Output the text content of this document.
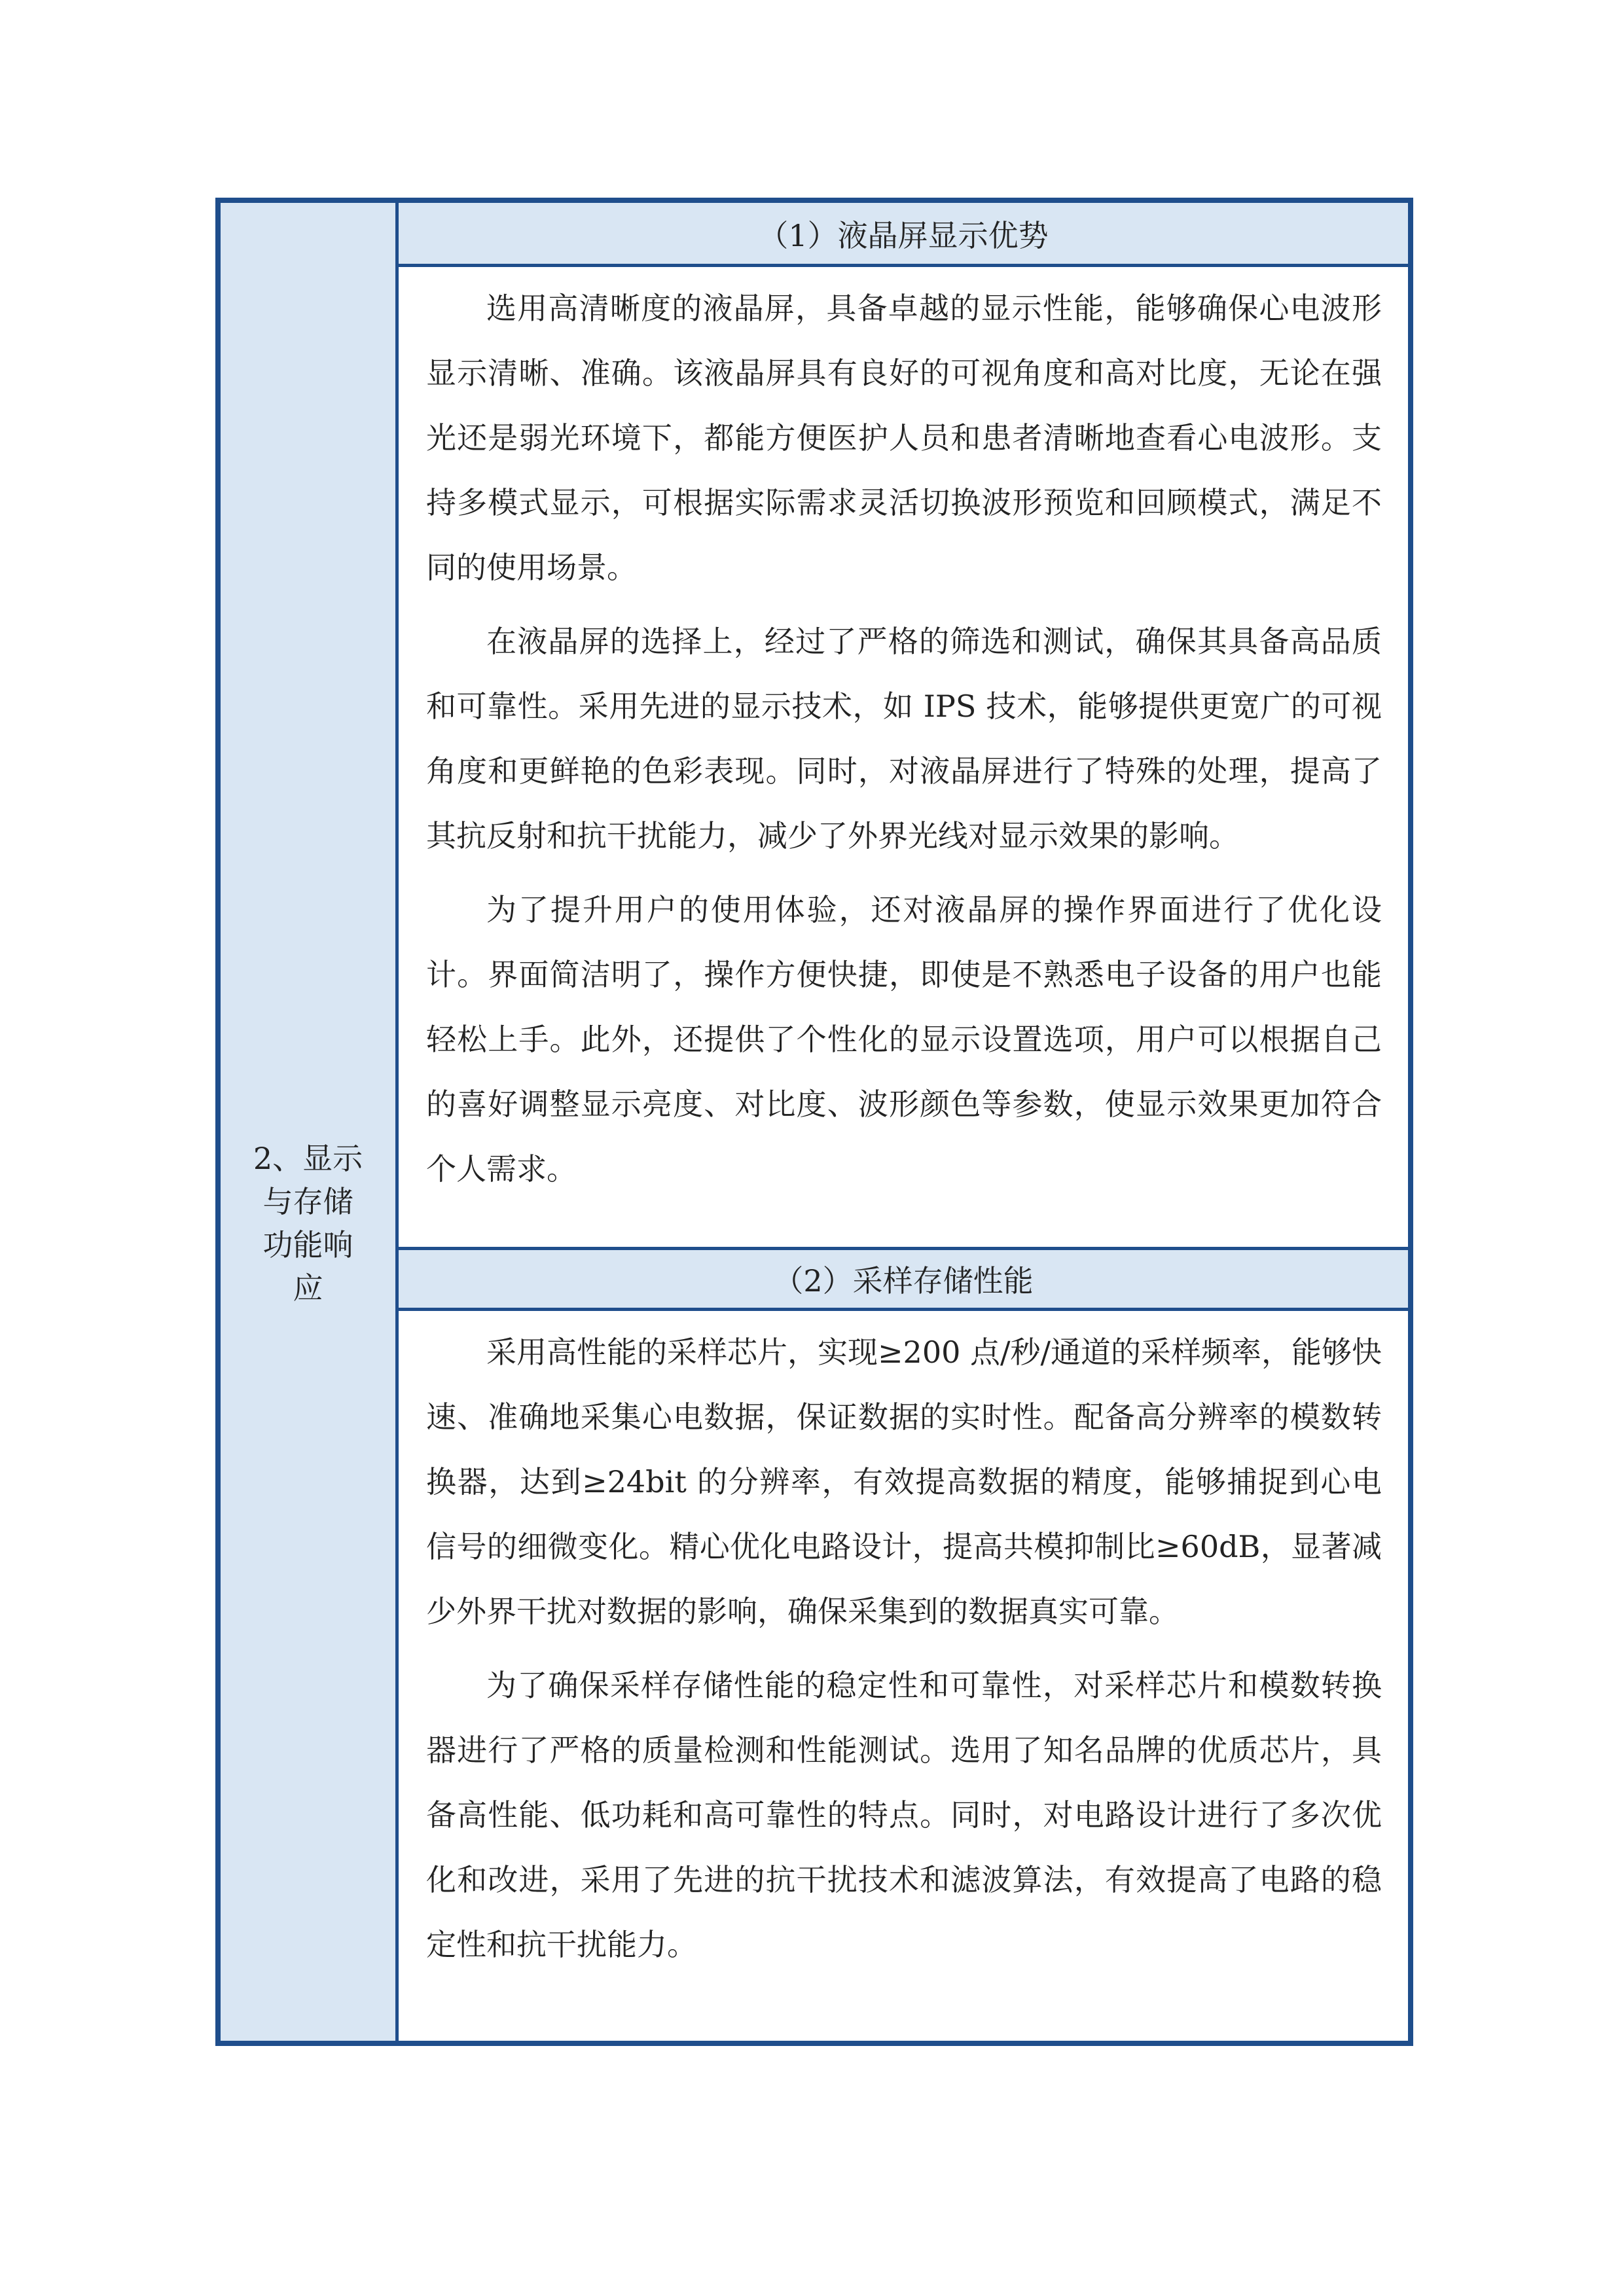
2、显示与存储功能响应
（1）液晶屏显示优势

选用高清晰度的液晶屏，具备卓越的显示性能，能够确保心电波形显示清晰、准确。该液晶屏具有良好的可视角度和高对比度，无论在强光还是弱光环境下，都能方便医护人员和患者清晰地查看心电波形。支持多模式显示，可根据实际需求灵活切换波形预览和回顾模式，满足不同的使用场景。

在液晶屏的选择上，经过了严格的筛选和测试，确保其具备高品质和可靠性。采用先进的显示技术，如 IPS 技术，能够提供更宽广的可视角度和更鲜艳的色彩表现。同时，对液晶屏进行了特殊的处理，提高了其抗反射和抗干扰能力，减少了外界光线对显示效果的影响。

为了提升用户的使用体验，还对液晶屏的操作界面进行了优化设计。界面简洁明了，操作方便快捷，即使是不熟悉电子设备的用户也能轻松上手。此外，还提供了个性化的显示设置选项，用户可以根据自己的喜好调整显示亮度、对比度、波形颜色等参数，使显示效果更加符合个人需求。

（2）采样存储性能

采用高性能的采样芯片，实现≥200 点/秒/通道的采样频率，能够快速、准确地采集心电数据，保证数据的实时性。配备高分辨率的模数转换器，达到≥24bit 的分辨率，有效提高数据的精度，能够捕捉到心电信号的细微变化。精心优化电路设计，提高共模抑制比≥60dB，显著减少外界干扰对数据的影响，确保采集到的数据真实可靠。

为了确保采样存储性能的稳定性和可靠性，对采样芯片和模数转换器进行了严格的质量检测和性能测试。选用了知名品牌的优质芯片，具备高性能、低功耗和高可靠性的特点。同时，对电路设计进行了多次优化和改进，采用了先进的抗干扰技术和滤波算法，有效提高了电路的稳定性和抗干扰能力。
